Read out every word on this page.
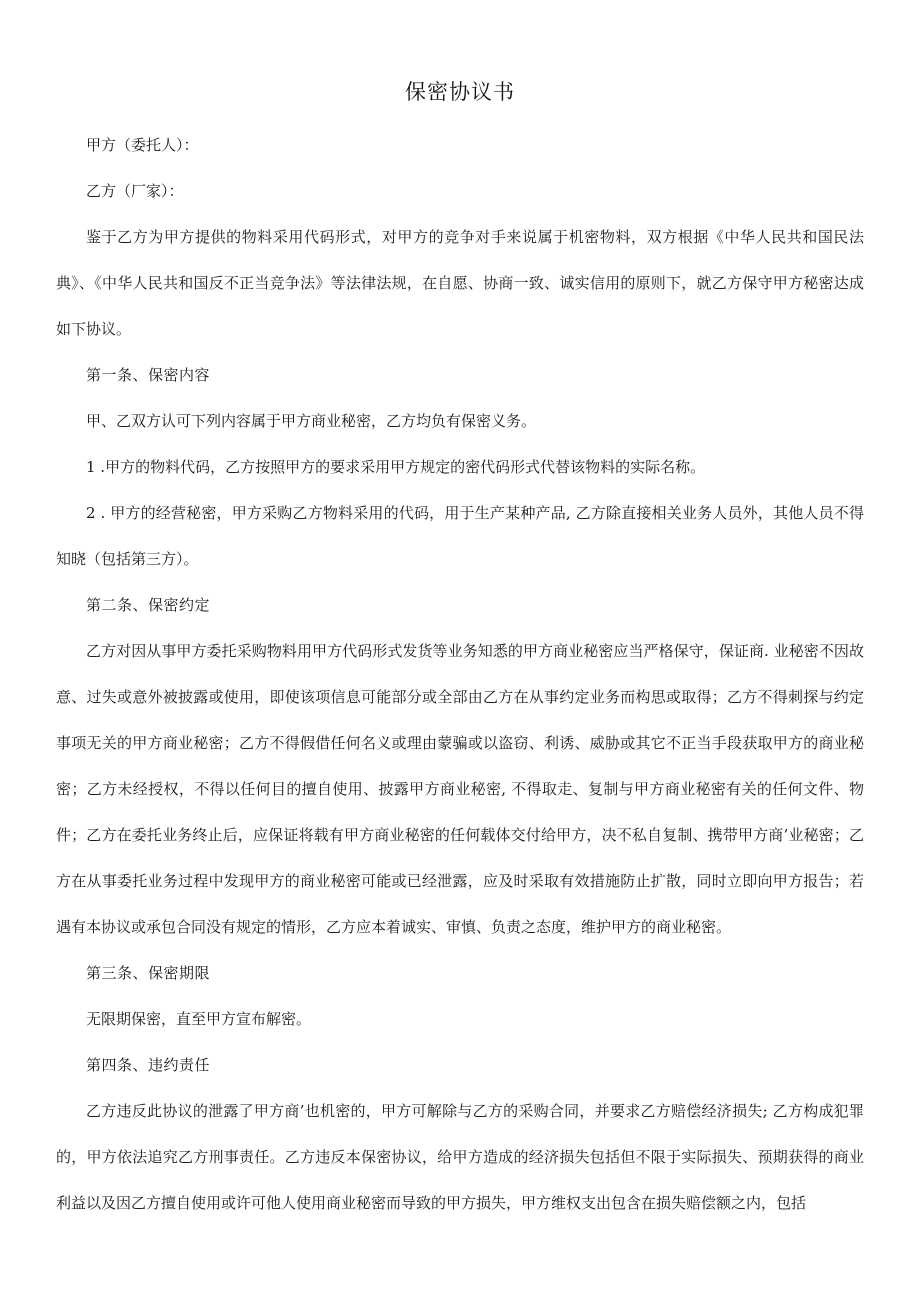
保密协议书

甲方（委托人）：

乙方（厂家）：

鉴于乙方为甲方提供的物料采用代码形式，对甲方的竞争对手来说属于机密物料，双方根据《中华人民共和国民法典》、《中华人民共和国反不正当竞争法》等法律法规，在自愿、协商一致、诚实信用的原则下，就乙方保守甲方秘密达成如下协议。

第一条、保密内容

甲、乙双方认可下列内容属于甲方商业秘密，乙方均负有保密义务。

1 .甲方的物料代码，乙方按照甲方的要求采用甲方规定的密代码形式代替该物料的实际名称。

2 . 甲方的经营秘密，甲方采购乙方物料采用的代码，用于生产某种产品, 乙方除直接相关业务人员外，其他人员不得知晓（包括第三方）。

第二条、保密约定

乙方对因从事甲方委托采购物料用甲方代码形式发货等业务知悉的甲方商业秘密应当严格保守，保证商. 业秘密不因故意、过失或意外被披露或使用，即使该项信息可能部分或全部由乙方在从事约定业务而构思或取得；乙方不得刺探与约定事项无关的甲方商业秘密；乙方不得假借任何名义或理由蒙骗或以盗窃、利诱、威胁或其它不正当手段获取甲方的商业秘密；乙方未经授权，不得以任何目的擅自使用、披露甲方商业秘密, 不得取走、复制与甲方商业秘密有关的任何文件、物件；乙方在委托业务终止后，应保证将载有甲方商业秘密的任何载体交付给甲方，决不私自复制、携带甲方商’业秘密；乙方在从事委托业务过程中发现甲方的商业秘密可能或已经泄露，应及时采取有效措施防止扩散，同时立即向甲方报告；若遇有本协议或承包合同没有规定的情形，乙方应本着诚实、审慎、负责之态度，维护甲方的商业秘密。

第三条、保密期限

无限期保密，直至甲方宣布解密。

第四条、违约责任

乙方违反此协议的泄露了甲方商’也机密的，甲方可解除与乙方的采购合同，并要求乙方赔偿经济损失; 乙方构成犯罪的，甲方依法追究乙方刑事责任。乙方违反本保密协议，给甲方造成的经济损失包括但不限于实际损失、预期获得的商业利益以及因乙方擅自使用或许可他人使用商业秘密而导致的甲方损失，甲方维权支出包含在损失赔偿额之内，包括
